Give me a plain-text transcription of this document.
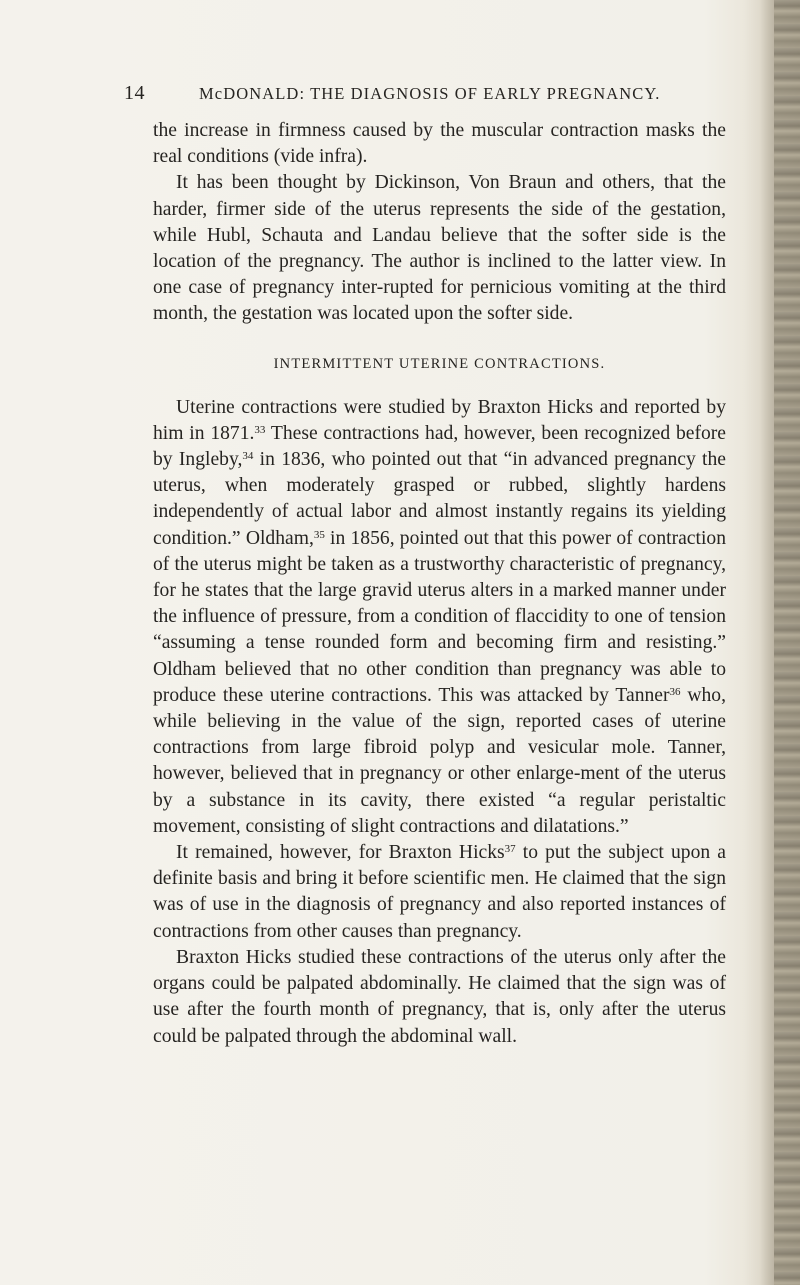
14	McDONALD: THE DIAGNOSIS OF EARLY PREGNANCY.

the increase in firmness caused by the muscular contraction masks the real conditions (vide infra).

It has been thought by Dickinson, Von Braun and others, that the harder, firmer side of the uterus represents the side of the gestation, while Hubl, Schauta and Landau believe that the softer side is the location of the pregnancy. The author is inclined to the latter view. In one case of pregnancy inter-rupted for pernicious vomiting at the third month, the gestation was located upon the softer side.

INTERMITTENT UTERINE CONTRACTIONS.

Uterine contractions were studied by Braxton Hicks and reported by him in 1871.33 These contractions had, however, been recognized before by Ingleby,$^{34}$ in 1836, who pointed out that “in advanced pregnancy the uterus, when moderately grasped or rubbed, slightly hardens independently of actual labor and almost instantly regains its yielding condition.” Oldham,$^{35}$ in 1856, pointed out that this power of contraction of the uterus might be taken as a trustworthy characteristic of pregnancy, for he states that the large gravid uterus alters in a marked manner under the influence of pressure, from a condition of flaccidity to one of tension “assuming a tense rounded form and becoming firm and resisting.” Oldham believed that no other condition than pregnancy was able to produce these uterine contractions. This was attacked by Tanner$^{36}$ who, while believing in the value of the sign, reported cases of uterine contractions from large fibroid polyp and vesicular mole. Tanner, however, believed that in pregnancy or other enlarge-ment of the uterus by a substance in its cavity, there existed “a regular peristaltic movement, consisting of slight contractions and dilatations.”

It remained, however, for Braxton Hicks$^{37}$ to put the subject upon a definite basis and bring it before scientific men. He claimed that the sign was of use in the diagnosis of pregnancy and also reported instances of contractions from other causes than pregnancy.

Braxton Hicks studied these contractions of the uterus only after the organs could be palpated abdominally. He claimed that the sign was of use after the fourth month of pregnancy, that is, only after the uterus could be palpated through the abdominal wall.
